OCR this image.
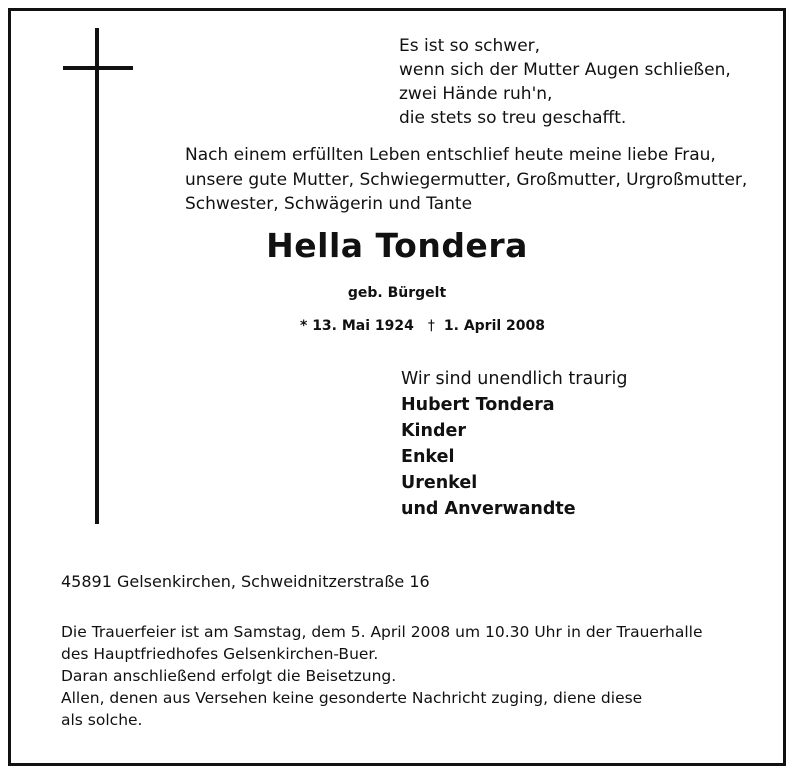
Es ist so schwer,
wenn sich der Mutter Augen schließen,
zwei Hände ruh'n,
die stets so treu geschafft.
Nach einem erfüllten Leben entschlief heute meine liebe Frau,
unsere gute Mutter, Schwiegermutter, Großmutter, Urgroßmutter,
Schwester, Schwägerin und Tante
Hella Tondera
geb. Bürgelt
* 13. Mai 1924 † 1. April 2008
Wir sind unendlich traurig
Hubert Tondera
Kinder
Enkel
Urenkel
und Anverwandte
45891 Gelsenkirchen, Schweidnitzerstraße 16
Die Trauerfeier ist am Samstag, dem 5. April 2008 um 10.30 Uhr in der Trauerhalle
des Hauptfriedhofes Gelsenkirchen-Buer.
Daran anschließend erfolgt die Beisetzung.
Allen, denen aus Versehen keine gesonderte Nachricht zuging, diene diese
als solche.
